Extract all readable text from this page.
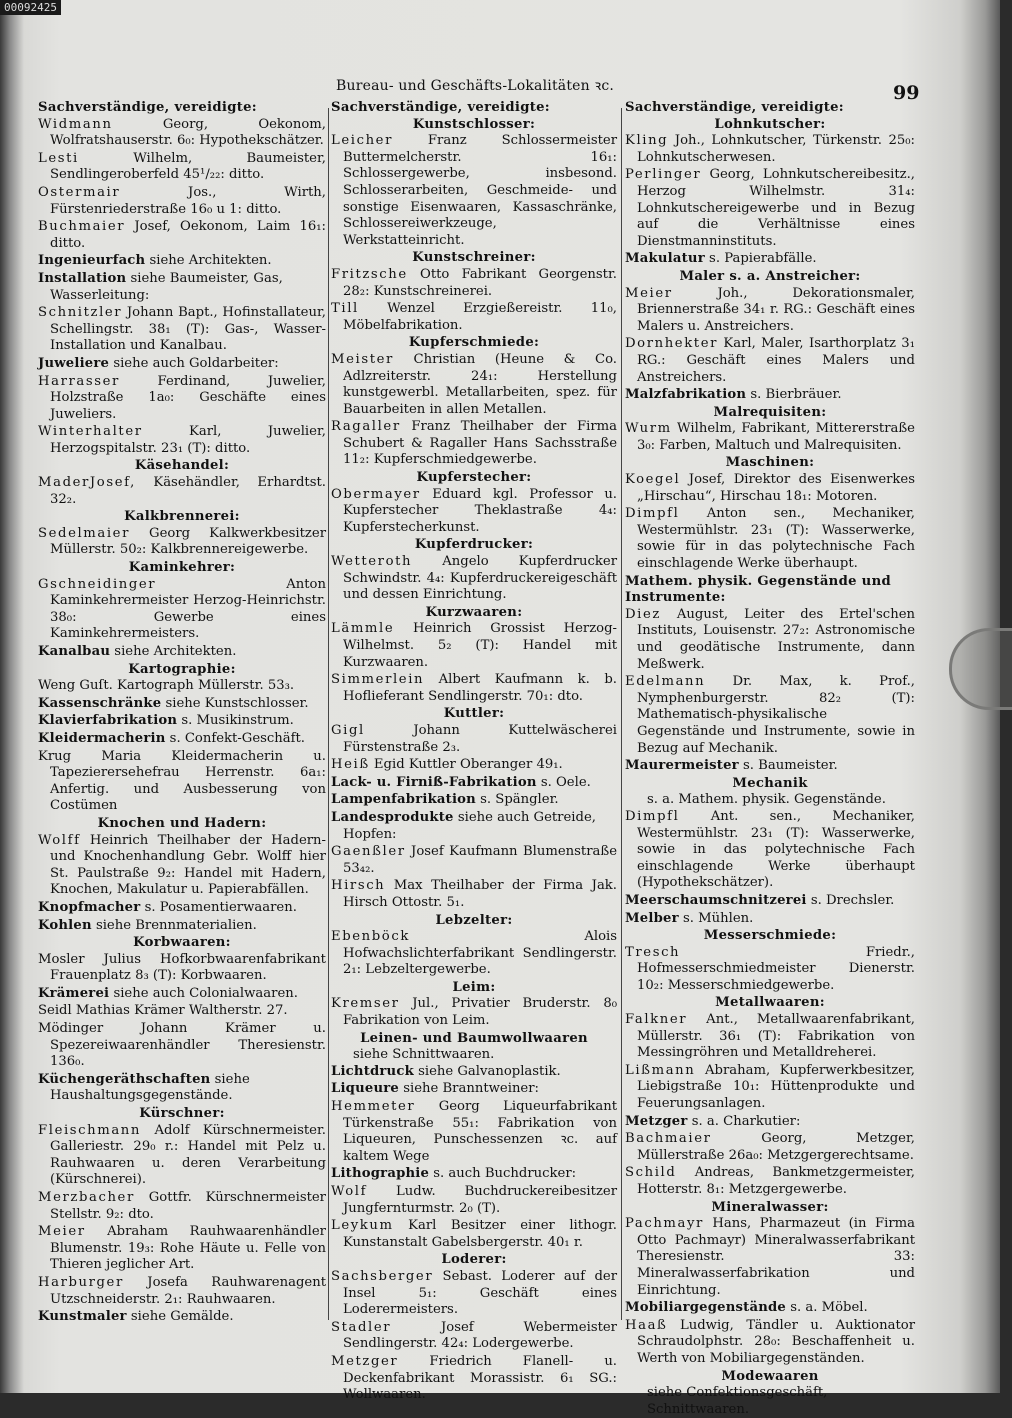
00092425
Bureau- und Geschäfts-Lokalitäten ꝛc.	99
Sachverständige, vereidigte:
Widmann Georg, Oekonom, Wolfratshauserstr. 6₀: Hypothekschätzer.
Lesti Wilhelm, Baumeister, Sendlingeroberfeld 45¹/₂₂: ditto.
Ostermair Jos., Wirth, Fürstenriederstraße 16₀ u 1: ditto.
Buchmaier Josef, Oekonom, Laim 16₁: ditto.
Ingenieurfach siehe Architekten.
Installation siehe Baumeister, Gas, Wasserleitung:
Schnitzler Johann Bapt., Hofinstallateur, Schellingstr. 38₁ (T): Gas-, Wasser-Installation und Kanalbau.
Juweliere siehe auch Goldarbeiter:
Harrasser Ferdinand, Juwelier, Holzstraße 1a₀: Geschäfte eines Juweliers.
Winterhalter Karl, Juwelier, Herzogspitalstr. 23₁ (T): ditto.
Käsehandel:
MaderJosef, Käsehändler, Erhardtst. 32₂.
Kalkbrennerei:
Sedelmaier Georg Kalkwerkbesitzer Müllerstr. 50₂: Kalkbrennereigewerbe.
Kaminkehrer:
Gschneidinger Anton Kaminkehrermeister Herzog-Heinrichstr. 38₀: Gewerbe eines Kaminkehrermeisters.
Kanalbau siehe Architekten.
Kartographie:
Weng Guſt. Kartograph Müllerstr. 53₃.
Kassenschränke siehe Kunstschlosser.
Klavierfabrikation s. Musikinstrum.
Kleidermacherin s. Confekt-Geschäft.
Krug Maria Kleidermacherin u. Tapezierersehefrau Herrenstr. 6a₁: Anfertig. und Ausbesserung von Costümen
Knochen und Hadern:
Wolff Heinrich Theilhaber der Hadern- und Knochenhandlung Gebr. Wolff hier St. Paulstraße 9₂: Handel mit Hadern, Knochen, Makulatur u. Papierabfällen.
Knopfmacher s. Posamentierwaaren.
Kohlen siehe Brennmaterialien.
Korbwaaren:
Mosler Julius Hofkorbwaarenfabrikant Frauenplatz 8₃ (T): Korbwaaren.
Krämerei siehe auch Colonialwaaren.
Seidl Mathias Krämer Waltherstr. 27.
Mödinger Johann Krämer u. Spezereiwaarenhändler Theresienstr. 136₀.
Küchengeräthschaften siehe Haushaltungsgegenstände.
Kürschner:
Fleischmann Adolf Kürschnermeister. Galleriestr. 29₀ r.: Handel mit Pelz u. Rauhwaaren u. deren Verarbeitung (Kürschnerei).
Merzbacher Gottfr. Kürschnermeister Stellstr. 9₂: dto.
Meier Abraham Rauhwaarenhändler Blumenstr. 19₃: Rohe Häute u. Felle von Thieren jeglicher Art.
Harburger Josefa Rauhwarenagent Utzschneiderstr. 2₁: Rauhwaaren.
Kunstmaler siehe Gemälde.
Sachverständige, vereidigte:
Kunstschlosser:
Leicher Franz Schlossermeister Buttermelcherstr. 16₁: Schlossergewerbe, insbesond. Schlosserarbeiten, Geschmeide- und sonstige Eisenwaaren, Kassaschränke, Schlossereiwerkzeuge, Werkstatteinricht.
Kunstschreiner:
Fritzsche Otto Fabrikant Georgenstr. 28₂: Kunstschreinerei.
Till Wenzel Erzgießereistr. 11₀, Möbelfabrikation.
Kupferschmiede:
Meister Christian (Heune & Co. Adlzreiterstr. 24₁: Herstellung kunstgewerbl. Metallarbeiten, spez. für Bauarbeiten in allen Metallen.
Ragaller Franz Theilhaber der Firma Schubert & Ragaller Hans Sachsstraße 11₂: Kupferschmiedgewerbe.
Kupferstecher:
Obermayer Eduard kgl. Professor u. Kupferstecher Theklastraße 4₄: Kupferstecherkunst.
Kupferdrucker:
Wetteroth Angelo Kupferdrucker Schwindstr. 4₄: Kupferdruckereigeschäft und dessen Einrichtung.
Kurzwaaren:
Lämmle Heinrich Grossist Herzog-Wilhelmst. 5₂ (T): Handel mit Kurzwaaren.
Simmerlein Albert Kaufmann k. b. Hoflieferant Sendlingerstr. 70₁: dto.
Kuttler:
Gigl Johann Kuttelwäscherei Fürstenstraße 2₃.
Heiß Egid Kuttler Oberanger 49₁.
Lack- u. Firniß-Fabrikation s. Oele.
Lampenfabrikation s. Spängler.
Landesprodukte siehe auch Getreide, Hopfen:
Gaenßler Josef Kaufmann Blumenstraße 53₄₂.
Hirsch Max Theilhaber der Firma Jak. Hirsch Ottostr. 5₁.
Lebzelter:
Ebenböck Alois Hofwachslichterfabrikant Sendlingerstr. 2₁: Lebzeltergewerbe.
Leim:
Kremser Jul., Privatier Bruderstr. 8₀ Fabrikation von Leim.
Leinen- und Baumwollwaaren
siehe Schnittwaaren.
Lichtdruck siehe Galvanoplastik.
Liqueure siehe Branntweiner:
Hemmeter Georg Liqueurfabrikant Türkenstraße 55₁: Fabrikation von Liqueuren, Punschessenzen ꝛc. auf kaltem Wege
Lithographie s. auch Buchdrucker:
Wolf Ludw. Buchdruckereibesitzer Jungfernturmstr. 2₀ (T).
Leykum Karl Besitzer einer lithogr. Kunstanstalt Gabelsbergerstr. 40₁ r.
Loderer:
Sachsberger Sebast. Loderer auf der Insel 5₁: Geschäft eines Loderermeisters.
Stadler Josef Webermeister Sendlingerstr. 42₄: Lodergewerbe.
Metzger Friedrich Flanell- u. Deckenfabrikant Morassistr. 6₁ SG.: Wollwaaren.
Sachverständige, vereidigte:
Lohnkutscher:
Kling Joh., Lohnkutscher, Türkenstr. 25₀: Lohnkutscherwesen.
Perlinger Georg, Lohnkutschereibesitz., Herzog Wilhelmstr. 31₄: Lohnkutschereigewerbe und in Bezug auf die Verhältnisse eines Dienstmanninstituts.
Makulatur s. Papierabfälle.
Maler s. a. Anstreicher:
Meier Joh., Dekorationsmaler, Briennerstraße 34₁ r. RG.: Geschäft eines Malers u. Anstreichers.
Dornhekter Karl, Maler, Isarthorplatz 3₁ RG.: Geschäft eines Malers und Anstreichers.
Malzfabrikation s. Bierbräuer.
Malrequisiten:
Wurm Wilhelm, Fabrikant, Mittererstraße 3₀: Farben, Maltuch und Malrequisiten.
Maschinen:
Koegel Josef, Direktor des Eisenwerkes „Hirschau“, Hirschau 18₁: Motoren.
Dimpfl Anton sen., Mechaniker, Westermühlstr. 23₁ (T): Wasserwerke, sowie für in das polytechnische Fach einschlagende Werke überhaupt.
Mathem. physik. Gegenstände und Instrumente:
Diez August, Leiter des Ertel'schen Instituts, Louisenstr. 27₂: Astronomische und geodätische Instrumente, dann Meßwerk.
Edelmann Dr. Max, k. Prof., Nymphenburgerstr. 82₂ (T): Mathematisch-physikalische Gegenstände und Instrumente, sowie in Bezug auf Mechanik.
Maurermeister s. Baumeister.
Mechanik
s. a. Mathem. physik. Gegenstände.
Dimpfl Ant. sen., Mechaniker, Westermühlstr. 23₁ (T): Wasserwerke, sowie in das polytechnische Fach einschlagende Werke überhaupt (Hypothekschätzer).
Meerschaumschnitzerei s. Drechsler.
Melber s. Mühlen.
Messerschmiede:
Tresch Friedr., Hofmesserschmiedmeister Dienerstr. 10₂: Messerschmiedgewerbe.
Metallwaaren:
Falkner Ant., Metallwaarenfabrikant, Müllerstr. 36₁ (T): Fabrikation von Messingröhren und Metalldreherei.
Lißmann Abraham, Kupferwerkbesitzer, Liebigstraße 10₁: Hüttenprodukte und Feuerungsanlagen.
Metzger s. a. Charkutier:
Bachmaier Georg, Metzger, Müllerstraße 26a₀: Metzgergerechtsame.
Schild Andreas, Bankmetzgermeister, Hotterstr. 8₁: Metzgergewerbe.
Mineralwasser:
Pachmayr Hans, Pharmazeut (in Firma Otto Pachmayr) Mineralwasserfabrikant Theresienstr. 33: Mineralwasserfabrikation und Einrichtung.
Mobiliargegenstände s. a. Möbel.
Haaß Ludwig, Tändler u. Auktionator Schraudolphstr. 28₀: Beschaffenheit u. Werth von Mobiliargegenständen.
Modewaaren
siehe Confektionsgeschäft, Schnittwaaren.
